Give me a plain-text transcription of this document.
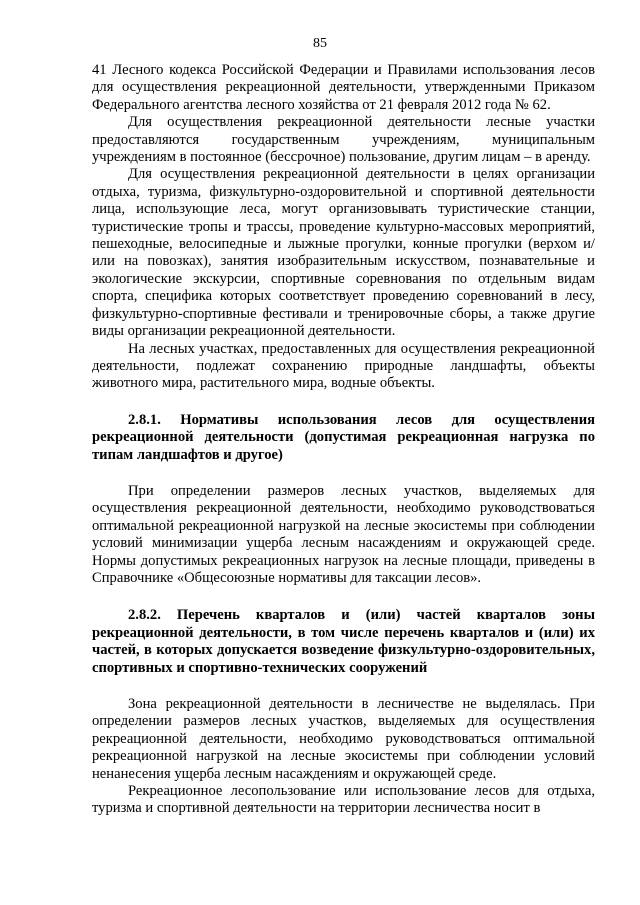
85

41 Лесного кодекса Российской Федерации и Правилами использования лесов для осуществления рекреационной деятельности, утвержденными Приказом Федерального агентства лесного хозяйства от 21 февраля 2012 года № 62.

Для осуществления рекреационной деятельности лесные участки предоставляются государственным учреждениям, муниципальным учреждениям в постоянное (бессрочное) пользование, другим лицам – в аренду.

Для осуществления рекреационной деятельности в целях организации отдыха, туризма, физкультурно-оздоровительной и спортивной деятельности лица, использующие леса, могут организовывать туристические станции, туристические тропы и трассы, проведение культурно-массовых мероприятий, пешеходные, велосипедные и лыжные прогулки, конные прогулки (верхом и/или на повозках), занятия изобразительным искусством, познавательные и экологические экскурсии, спортивные соревнования по отдельным видам спорта, специфика которых соответствует проведению соревнований в лесу, физкультурно-спортивные фестивали и тренировочные сборы, а также другие виды организации рекреационной деятельности.

На лесных участках, предоставленных для осуществления рекреационной деятельности, подлежат сохранению природные ландшафты, объекты животного мира, растительного мира, водные объекты.

2.8.1. Нормативы использования лесов для осуществления рекреационной деятельности (допустимая рекреационная нагрузка по типам ландшафтов и другое)

При определении размеров лесных участков, выделяемых для осуществления рекреационной деятельности, необходимо руководствоваться оптимальной рекреационной нагрузкой на лесные экосистемы при соблюдении условий минимизации ущерба лесным насаждениям и окружающей среде. Нормы допустимых рекреационных нагрузок на лесные площади, приведены в Справочнике «Общесоюзные нормативы для таксации лесов».

2.8.2. Перечень кварталов и (или) частей кварталов зоны рекреационной деятельности, в том числе перечень кварталов и (или) их частей, в которых допускается возведение физкультурно-оздоровительных, спортивных и спортивно-технических сооружений

Зона рекреационной деятельности в лесничестве не выделялась. При определении размеров лесных участков, выделяемых для осуществления рекреационной деятельности, необходимо руководствоваться оптимальной рекреационной нагрузкой на лесные экосистемы при соблюдении условий ненанесения ущерба лесным насаждениям и окружающей среде.

Рекреационное лесопользование или использование лесов для отдыха, туризма и спортивной деятельности на территории лесничества носит в
